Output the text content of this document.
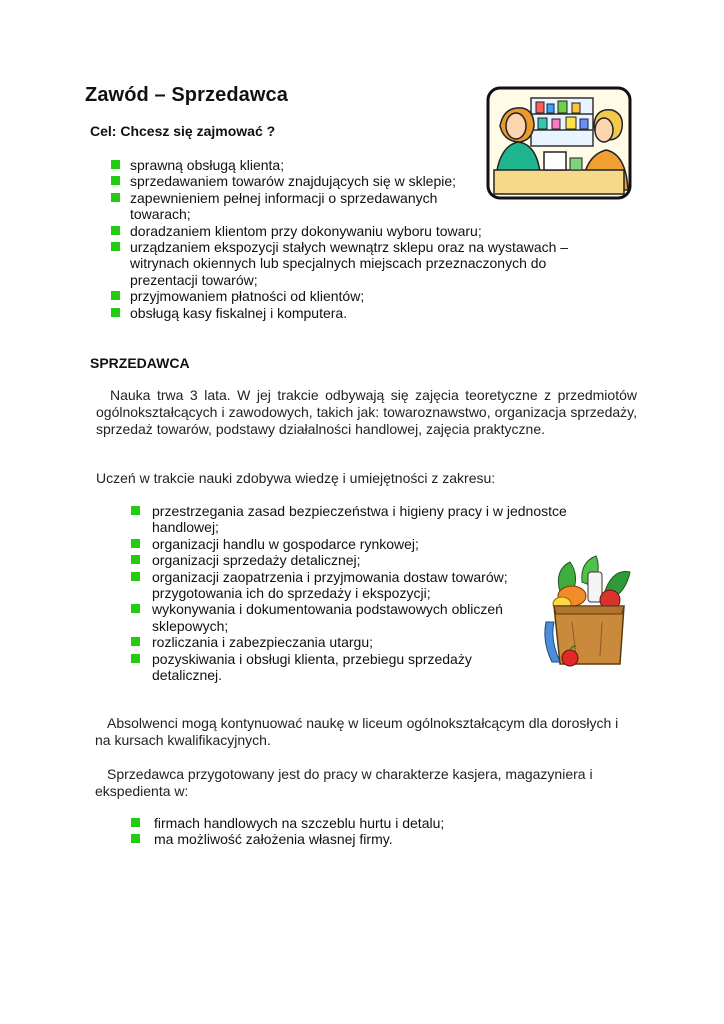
Zawód – Sprzedawca

Cel: Chcesz się zajmować ?

sprawną obsługą klienta;
sprzedawaniem towarów znajdujących się w sklepie;
zapewnieniem pełnej informacji o sprzedawanych towarach;
doradzaniem klientom przy dokonywaniu wyboru towaru;
urządzaniem ekspozycji stałych wewnątrz sklepu oraz na wystawach – witrynach okiennych lub specjalnych miejscach przeznaczonych do prezentacji towarów;
przyjmowaniem płatności od klientów;
obsługą kasy fiskalnej i komputera.

SPRZEDAWCA

Nauka trwa 3 lata. W jej trakcie odbywają się zajęcia teoretyczne z przedmiotów ogólnokształcących i zawodowych, takich jak: towaroznawstwo, organizacja sprzedaży, sprzedaż towarów, podstawy działalności handlowej, zajęcia praktyczne.

Uczeń w trakcie nauki zdobywa wiedzę i umiejętności z zakresu:

przestrzegania zasad bezpieczeństwa i higieny pracy i w jednostce handlowej;
organizacji handlu w gospodarce rynkowej;
organizacji sprzedaży detalicznej;
organizacji zaopatrzenia i przyjmowania dostaw towarów; przygotowania ich do sprzedaży i ekspozycji;
wykonywania i dokumentowania podstawowych obliczeń sklepowych;
rozliczania i zabezpieczania utargu;
pozyskiwania i obsługi klienta, przebiegu sprzedaży detalicznej.

Absolwenci mogą kontynuować naukę w liceum ogólnokształcącym dla dorosłych i na kursach kwalifikacyjnych.

Sprzedawca przygotowany jest do pracy w charakterze kasjera, magazyniera i ekspedienta w:

firmach handlowych na szczeblu hurtu i detalu;
ma możliwość założenia własnej firmy.
